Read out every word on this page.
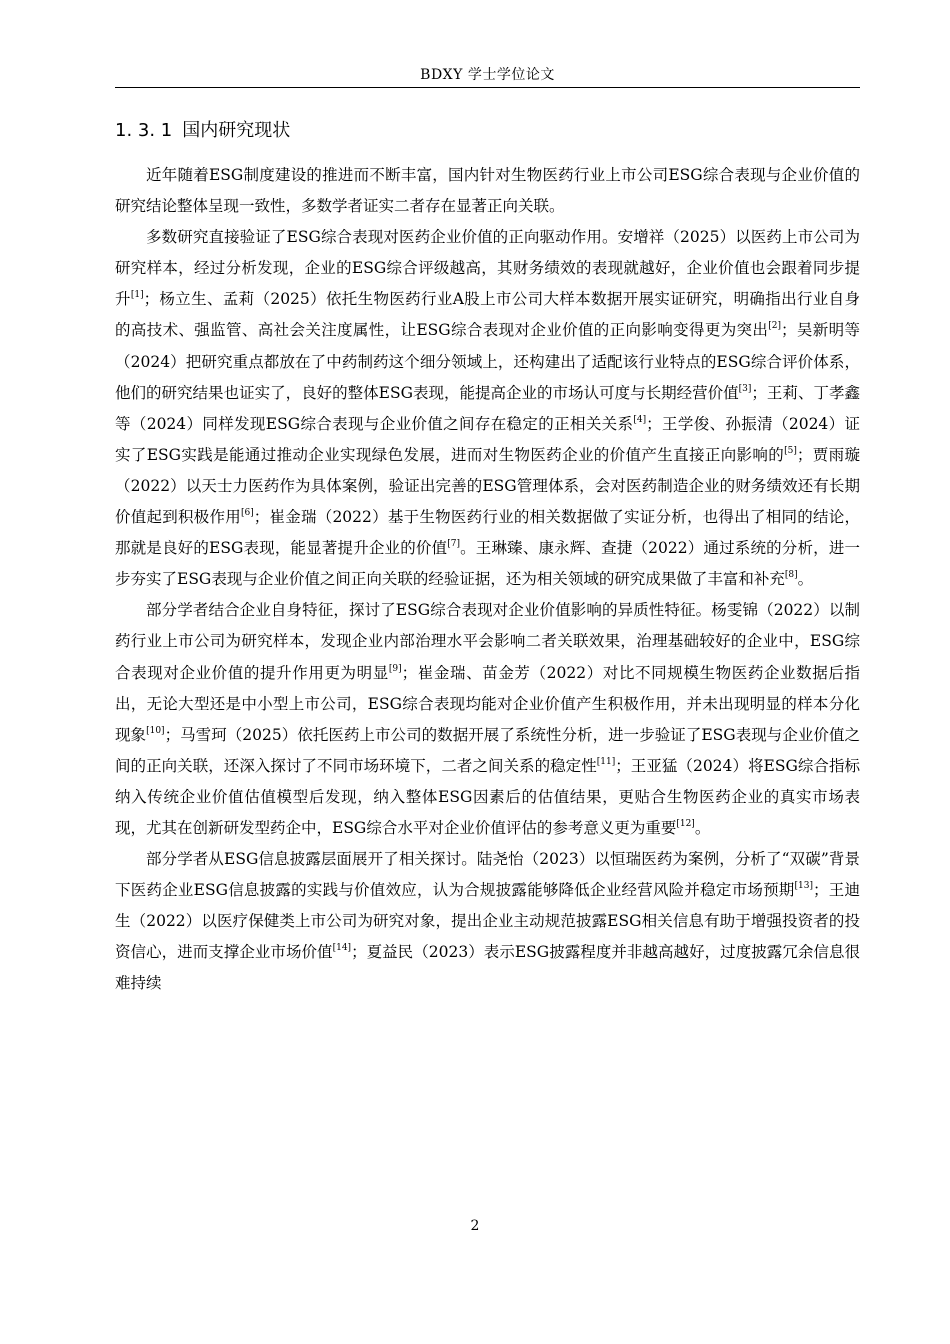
BDXY 学士学位论文
1. 3. 1 国内研究现状

近年随着ESG制度建设的推进而不断丰富，国内针对生物医药行业上市公司ESG综合表现与企业价值的研究结论整体呈现一致性，多数学者证实二者存在显著正向关联。

多数研究直接验证了ESG综合表现对医药企业价值的正向驱动作用。安增祥（2025）以医药上市公司为研究样本，经过分析发现，企业的ESG综合评级越高，其财务绩效的表现就越好，企业价值也会跟着同步提升[1]；杨立生、孟莉（2025）依托生物医药行业A股上市公司大样本数据开展实证研究，明确指出行业自身的高技术、强监管、高社会关注度属性，让ESG综合表现对企业价值的正向影响变得更为突出[2]；吴新明等（2024）把研究重点都放在了中药制药这个细分领域上，还构建出了适配该行业特点的ESG综合评价体系，他们的研究结果也证实了，良好的整体ESG表现，能提高企业的市场认可度与长期经营价值[3]；王莉、丁孝鑫等（2024）同样发现ESG综合表现与企业价值之间存在稳定的正相关关系[4]；王学俊、孙振清（2024）证实了ESG实践是能通过推动企业实现绿色发展，进而对生物医药企业的价值产生直接正向影响的[5]；贾雨璇（2022）以天士力医药作为具体案例，验证出完善的ESG管理体系，会对医药制造企业的财务绩效还有长期价值起到积极作用[6]；崔金瑞（2022）基于生物医药行业的相关数据做了实证分析，也得出了相同的结论，那就是良好的ESG表现，能显著提升企业的价值[7]。王琳臻、康永辉、查捷（2022）通过系统的分析，进一步夯实了ESG表现与企业价值之间正向关联的经验证据，还为相关领域的研究成果做了丰富和补充[8]。

部分学者结合企业自身特征，探讨了ESG综合表现对企业价值影响的异质性特征。杨雯锦（2022）以制药行业上市公司为研究样本，发现企业内部治理水平会影响二者关联效果，治理基础较好的企业中，ESG综合表现对企业价值的提升作用更为明显[9]；崔金瑞、苗金芳（2022）对比不同规模生物医药企业数据后指出，无论大型还是中小型上市公司，ESG综合表现均能对企业价值产生积极作用，并未出现明显的样本分化现象[10]；马雪珂（2025）依托医药上市公司的数据开展了系统性分析，进一步验证了ESG表现与企业价值之间的正向关联，还深入探讨了不同市场环境下，二者之间关系的稳定性[11]；王亚猛（2024）将ESG综合指标纳入传统企业价值估值模型后发现，纳入整体ESG因素后的估值结果，更贴合生物医药企业的真实市场表现，尤其在创新研发型药企中，ESG综合水平对企业价值评估的参考意义更为重要[12]。

部分学者从ESG信息披露层面展开了相关探讨。陆尧怡（2023）以恒瑞医药为案例，分析了“双碳”背景下医药企业ESG信息披露的实践与价值效应，认为合规披露能够降低企业经营风险并稳定市场预期[13]；王迪生（2022）以医疗保健类上市公司为研究对象，提出企业主动规范披露ESG相关信息有助于增强投资者的投资信心，进而支撑企业市场价值[14]；夏益民（2023）表示ESG披露程度并非越高越好，过度披露冗余信息很难持续

2
